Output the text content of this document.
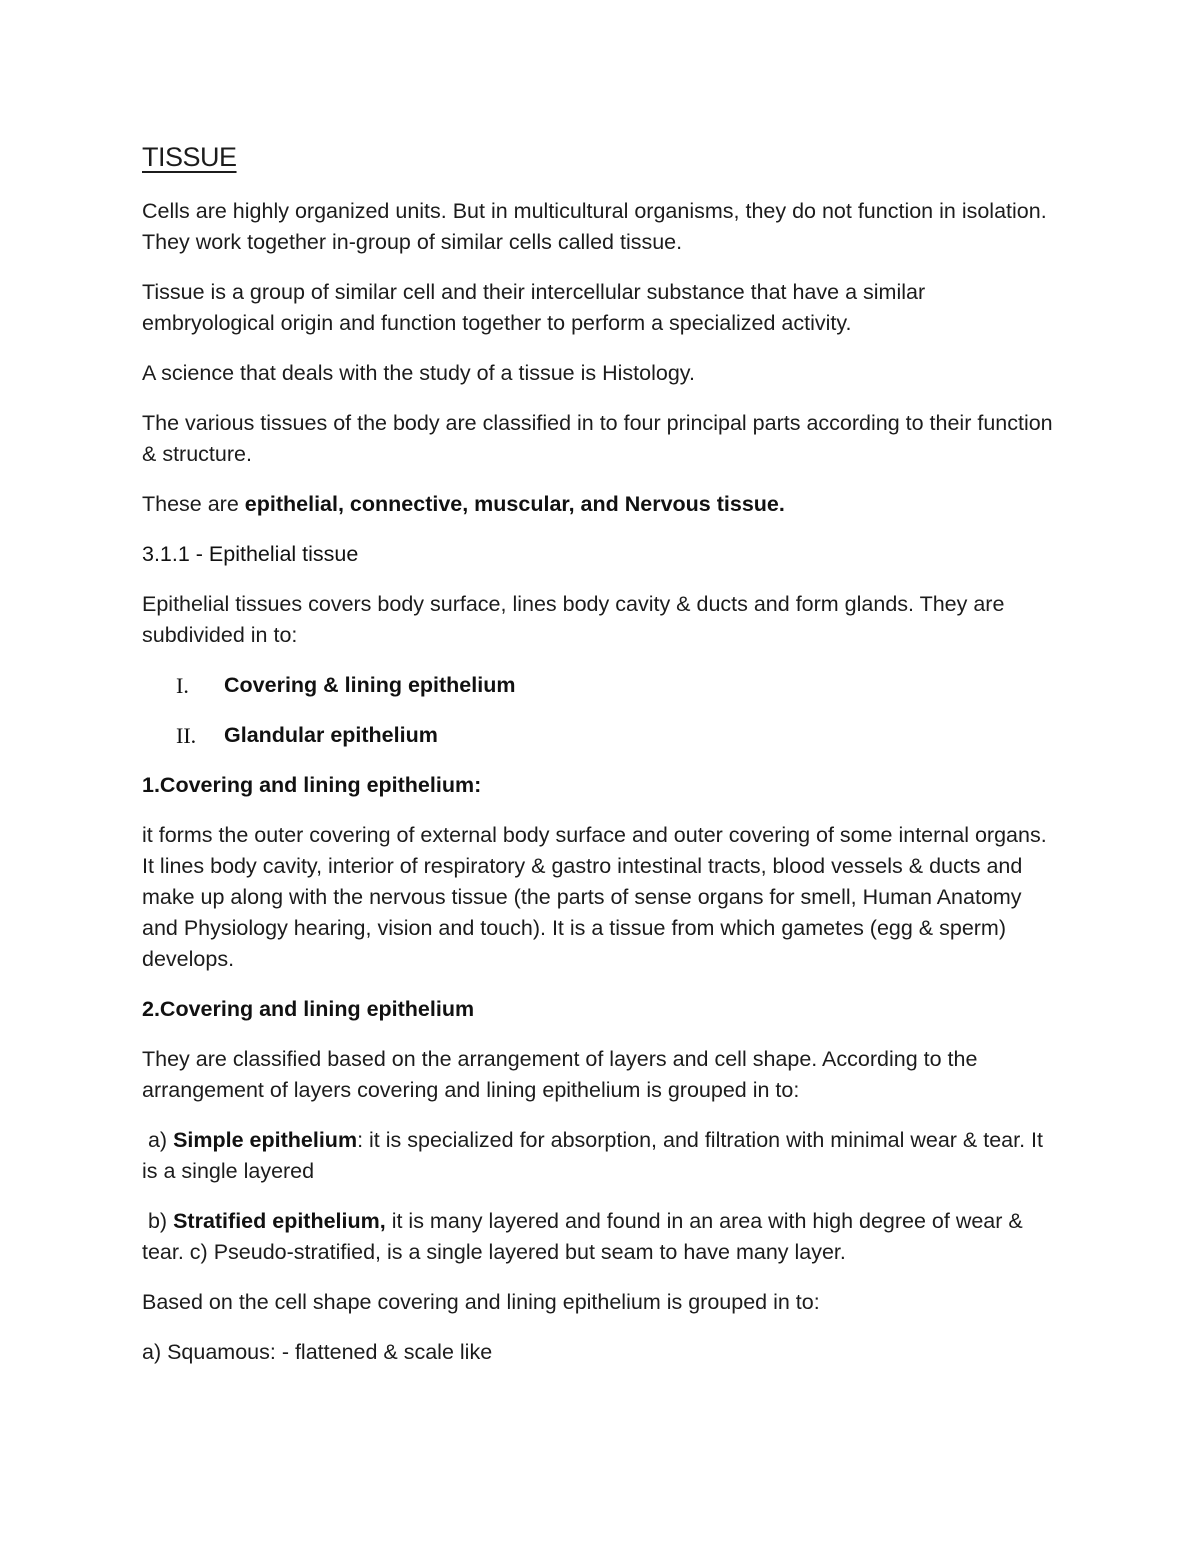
TISSUE

Cells are highly organized units. But in multicultural organisms, they do not function in isolation. They work together in-group of similar cells called tissue.

Tissue is a group of similar cell and their intercellular substance that have a similar embryological origin and function together to perform a specialized activity.

A science that deals with the study of a tissue is Histology.

The various tissues of the body are classified in to four principal parts according to their function & structure.

These are epithelial, connective, muscular, and Nervous tissue.

3.1.1 - Epithelial tissue

Epithelial tissues covers body surface, lines body cavity & ducts and form glands. They are subdivided in to:

I.	Covering & lining epithelium
II.	Glandular epithelium
1.Covering and lining epithelium:

it forms the outer covering of external body surface and outer covering of some internal organs. It lines body cavity, interior of respiratory & gastro intestinal tracts, blood vessels & ducts and make up along with the nervous tissue (the parts of sense organs for smell, Human Anatomy and Physiology hearing, vision and touch). It is a tissue from which gametes (egg & sperm) develops.

2.Covering and lining epithelium

They are classified based on the arrangement of layers and cell shape. According to the arrangement of layers covering and lining epithelium is grouped in to:

a) Simple epithelium: it is specialized for absorption, and filtration with minimal wear & tear. It is a single layered

b) Stratified epithelium, it is many layered and found in an area with high degree of wear & tear. c) Pseudo-stratified, is a single layered but seam to have many layer.

Based on the cell shape covering and lining epithelium is grouped in to:

a) Squamous: - flattened & scale like
